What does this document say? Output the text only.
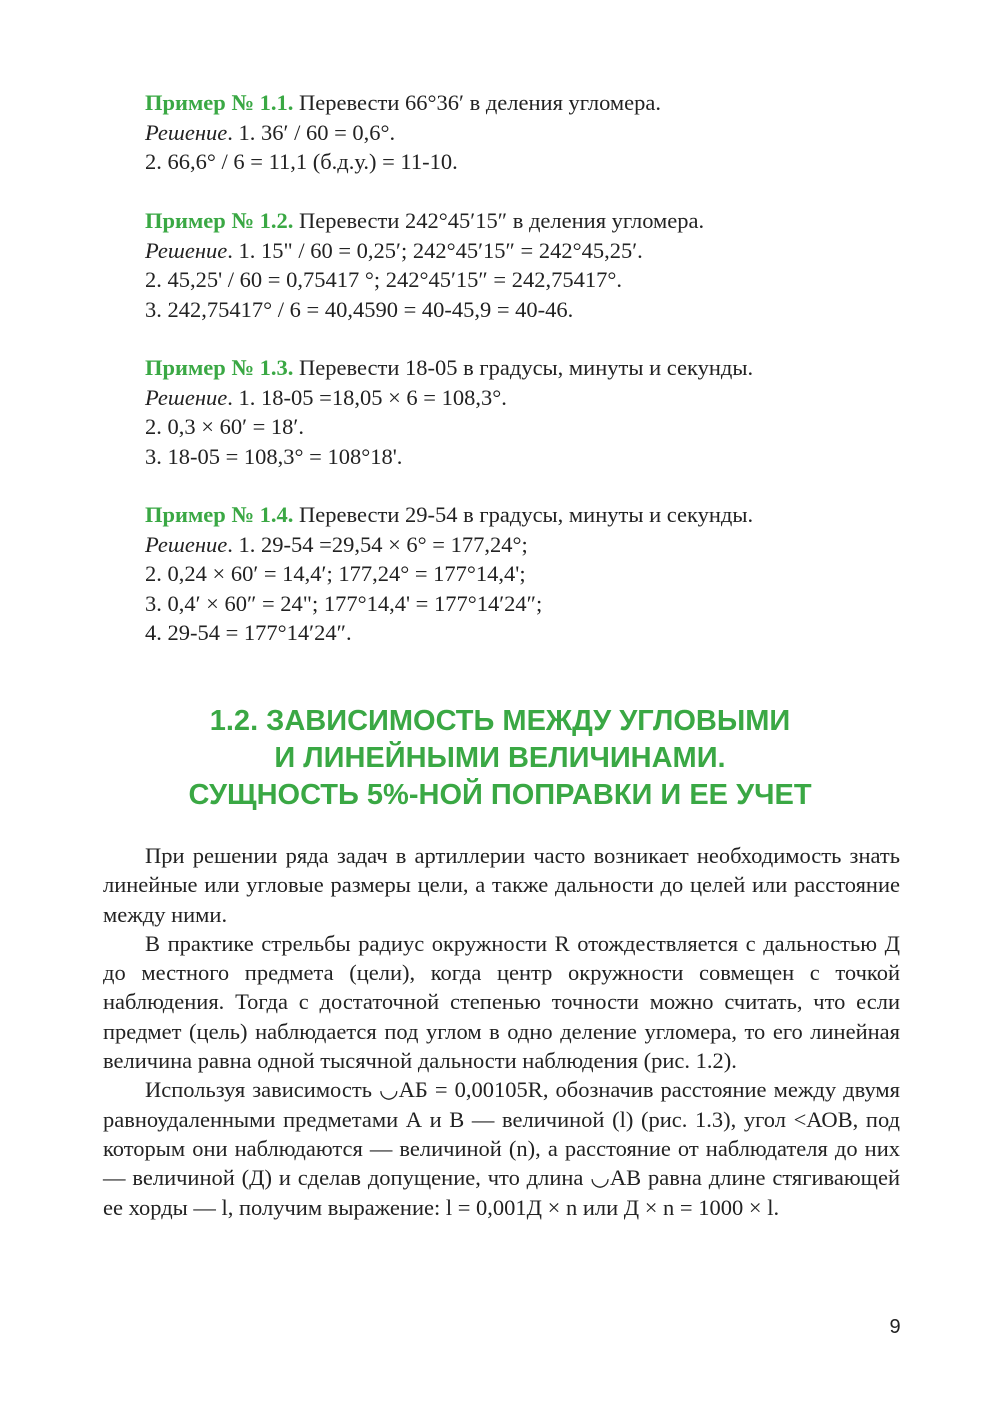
Пример № 1.1. Перевести 66°36′ в деления угломера.

Решение. 1. 36′ / 60 = 0,6°.

2. 66,6° / 6 = 11,1 (б.д.у.) = 11-10.

Пример № 1.2. Перевести 242°45′15″ в деления угломера.

Решение. 1. 15" / 60 = 0,25′; 242°45′15″ = 242°45,25′.

2. 45,25' / 60 = 0,75417 °; 242°45′15″ = 242,75417°.

3. 242,75417° / 6 = 40,4590 = 40-45,9 = 40-46.

Пример № 1.3. Перевести 18-05 в градусы, минуты и секунды.

Решение. 1. 18-05 =18,05 × 6 = 108,3°.

2. 0,3 × 60′ = 18′.

3. 18-05 = 108,3° = 108°18'.

Пример № 1.4. Перевести 29-54 в градусы, минуты и секунды.

Решение. 1. 29-54 =29,54 × 6° = 177,24°;

2. 0,24 × 60′ = 14,4′; 177,24° = 177°14,4';

3. 0,4′ × 60″ = 24"; 177°14,4' = 177°14′24″;

4. 29-54 = 177°14′24″.

1.2. ЗАВИСИМОСТЬ МЕЖДУ УГЛОВЫМИ
И ЛИНЕЙНЫМИ ВЕЛИЧИНАМИ.
СУЩНОСТЬ 5%-НОЙ ПОПРАВКИ И ЕЕ УЧЕТ

При решении ряда задач в артиллерии часто возникает необходимость знать линейные или угловые размеры цели, а также дальности до целей или расстояние между ними.

В практике стрельбы радиус окружности R отождествляется с дальностью Д до местного предмета (цели), когда центр окружности совмещен с точкой наблюдения. Тогда с достаточной степенью точности можно считать, что если предмет (цель) наблюдается под углом в одно деление угломера, то его линейная величина равна одной тысячной дальности наблюдения (рис. 1.2).

Используя зависимость ◡АБ = 0,00105R, обозначив расстояние между двумя равноудаленными предметами А и В — величиной (l) (рис. 1.3), угол <АОВ, под которым они наблюдаются — величиной (n), а расстояние от наблюдателя до них — величиной (Д) и сделав допущение, что длина ◡АВ равна длине стягивающей ее хорды — l, получим выражение: l = 0,001Д × n или Д × n = 1000 × l.

9
